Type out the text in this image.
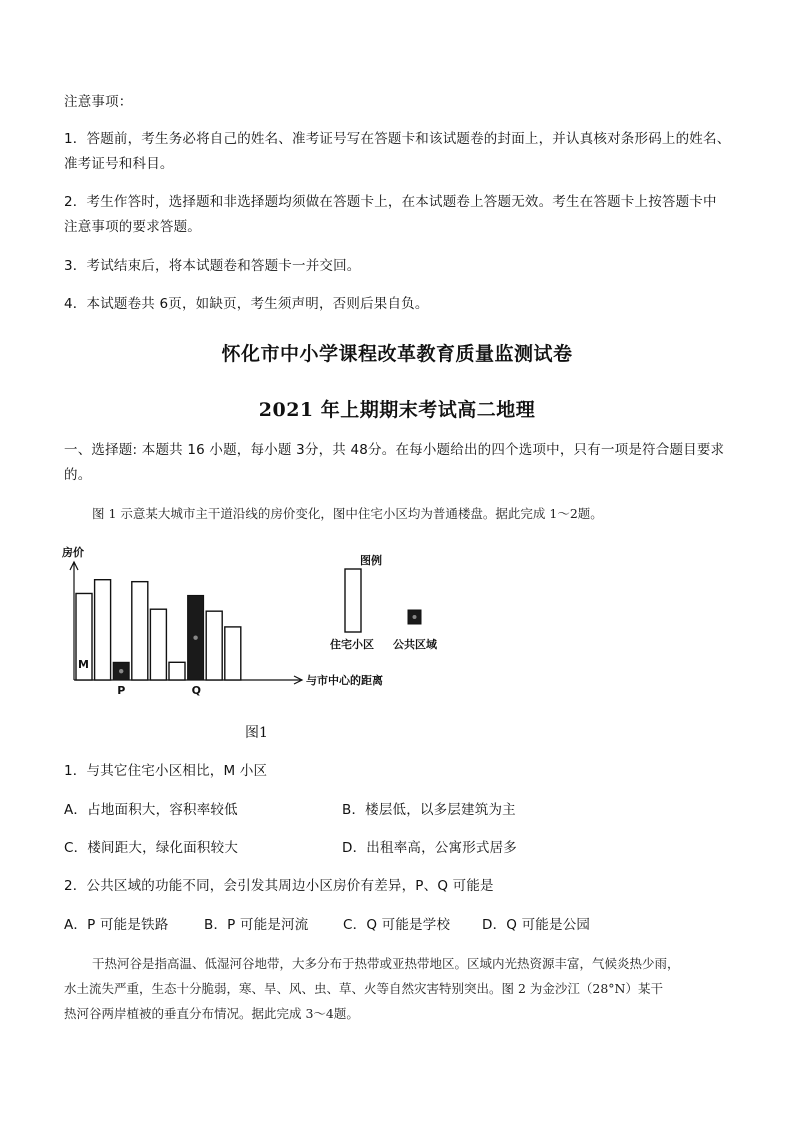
注意事项：
1．答题前，考生务必将自己的姓名、准考证号写在答题卡和该试题卷的封面上，并认真核对条形码上的姓名、
准考证号和科目。
2．考生作答时，选择题和非选择题均须做在答题卡上，在本试题卷上答题无效。考生在答题卡上按答题卡中
注意事项的要求答题。
3．考试结束后，将本试题卷和答题卡一并交回。
4．本试题卷共 6页，如缺页，考生须声明，否则后果自负。
怀化市中小学课程改革教育质量监测试卷
2021 年上期期末考试高二地理
一、选择题: 本题共 16 小题，每小题 3分，共 48分。在每小题给出的四个选项中，只有一项是符合题目要求
的。
图 1 示意某大城市主干道沿线的房价变化，图中住宅小区均为普通楼盘。据此完成 1～2题。
房价
与市中心的距离
M
P	Q
图例
住宅小区 公共区域
图1
1．与其它住宅小区相比，M 小区
A．占地面积大，容积率较低	B．楼层低，以多层建筑为主
C．楼间距大，绿化面积较大	D．出租率高，公寓形式居多
2．公共区域的功能不同，会引发其周边小区房价有差异，P、Q 可能是
A．P 可能是铁路	B．P 可能是河流	C．Q 可能是学校 D．Q 可能是公园
干热河谷是指高温、低湿河谷地带，大多分布于热带或亚热带地区。区域内光热资源丰富，气候炎热少雨，
水土流失严重，生态十分脆弱，寒、旱、风、虫、草、火等自然灾害特别突出。图 2 为金沙江（28°N）某干
热河谷两岸植被的垂直分布情况。据此完成 3～4题。
